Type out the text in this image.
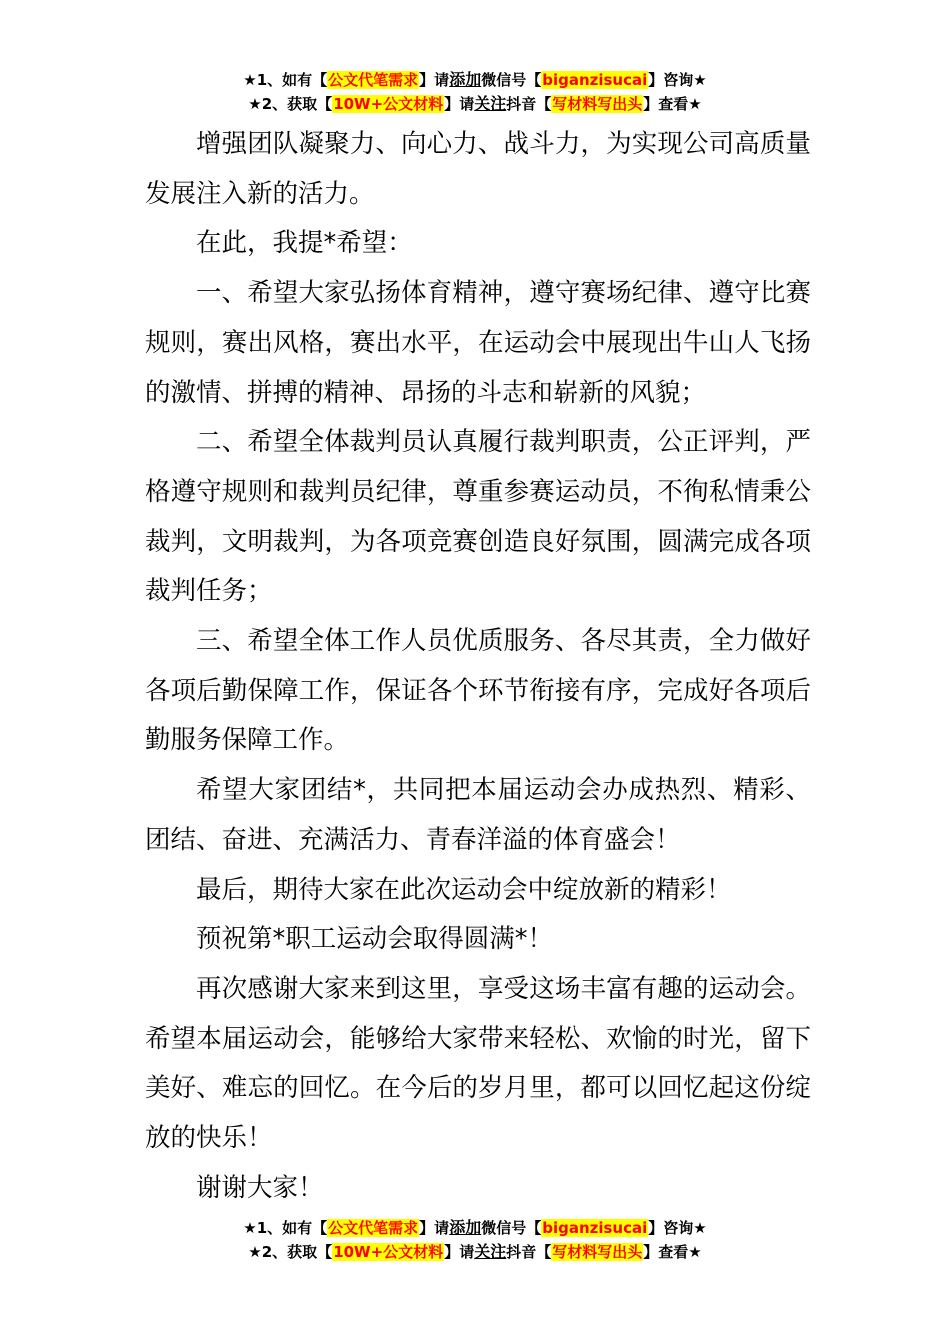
★1、如有【公文代笔需求】请添加微信号【biganzisucai】咨询★
★2、获取【10W+公文材料】请关注抖音【写材料写出头】查看★

增强团队凝聚力、向心力、战斗力，为实现公司高质量发展注入新的活力。

在此，我提*希望：

一、希望大家弘扬体育精神，遵守赛场纪律、遵守比赛规则，赛出风格，赛出水平，在运动会中展现出牛山人飞扬的激情、拼搏的精神、昂扬的斗志和崭新的风貌；

二、希望全体裁判员认真履行裁判职责，公正评判，严格遵守规则和裁判员纪律，尊重参赛运动员，不徇私情秉公裁判，文明裁判，为各项竞赛创造良好氛围，圆满完成各项裁判任务；

三、希望全体工作人员优质服务、各尽其责，全力做好各项后勤保障工作，保证各个环节衔接有序，完成好各项后勤服务保障工作。

希望大家团结*，共同把本届运动会办成热烈、精彩、团结、奋进、充满活力、青春洋溢的体育盛会！

最后，期待大家在此次运动会中绽放新的精彩！

预祝第*职工运动会取得圆满*！

再次感谢大家来到这里，享受这场丰富有趣的运动会。希望本届运动会，能够给大家带来轻松、欢愉的时光，留下美好、难忘的回忆。在今后的岁月里，都可以回忆起这份绽放的快乐！

谢谢大家！

★1、如有【公文代笔需求】请添加微信号【biganzisucai】咨询★
★2、获取【10W+公文材料】请关注抖音【写材料写出头】查看★
